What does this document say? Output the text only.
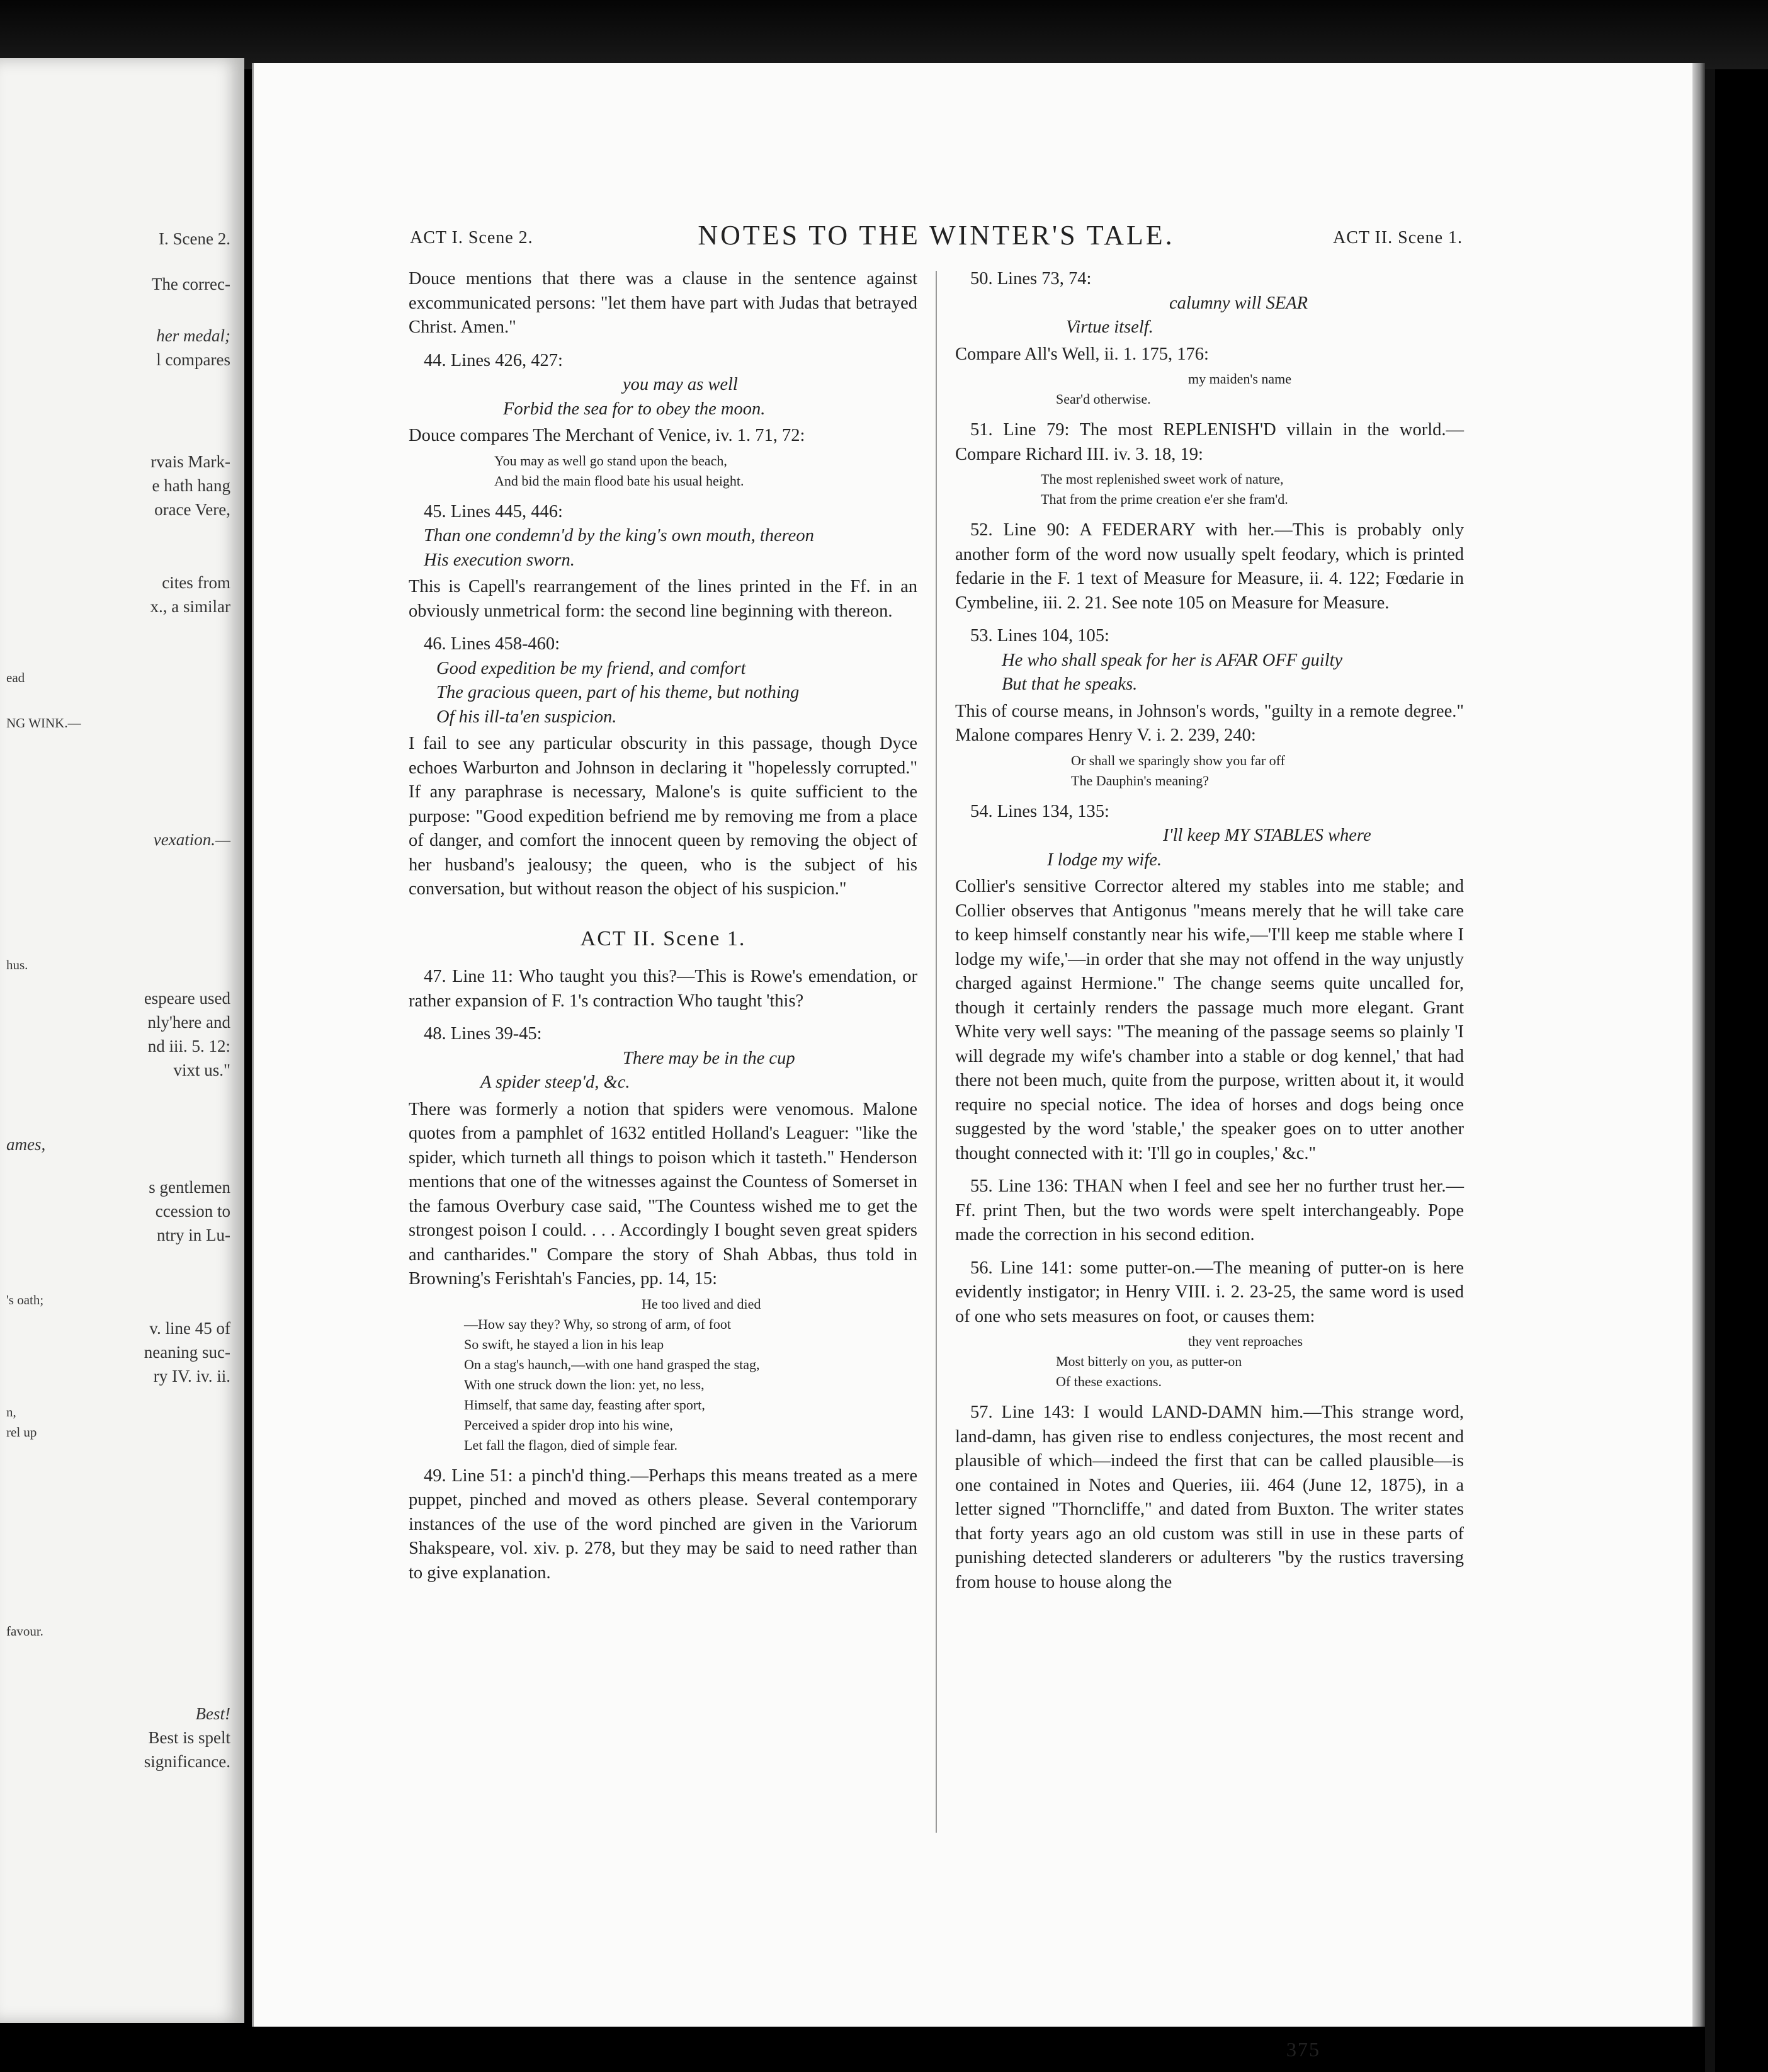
I. Scene 2.
The correc-
her medal;
l compares
rvais Mark-
e hath hang
orace Vere,
cites from
x., a similar
ead
NG WINK.—
vexation.—
hus.
espeare used
nly'here and
nd iii. 5. 12:
vixt us."
ames,
s gentlemen
ccession to
ntry in Lu-
's oath;
v. line 45 of
neaning suc-
ry IV. iv. ii.
n,
rel up
favour.
Best!
Best is spelt
significance.
ACT I. Scene 2.	NOTES TO THE WINTER'S TALE.	ACT II. Scene 1.

Douce mentions that there was a clause in the sentence against excommunicated persons: "let them have part with Judas that betrayed Christ. Amen."

44. Lines 426, 427:

you may as well

Forbid the sea for to obey the moon.

Douce compares The Merchant of Venice, iv. 1. 71, 72:

You may as well go stand upon the beach,

And bid the main flood bate his usual height.

45. Lines 445, 446:

Than one condemn'd by the king's own mouth, thereon

His execution sworn.

This is Capell's rearrangement of the lines printed in the Ff. in an obviously unmetrical form: the second line beginning with thereon.

46. Lines 458-460:

Good expedition be my friend, and comfort

The gracious queen, part of his theme, but nothing

Of his ill-ta'en suspicion.

I fail to see any particular obscurity in this passage, though Dyce echoes Warburton and Johnson in declaring it "hopelessly corrupted." If any paraphrase is necessary, Malone's is quite sufficient to the purpose: "Good expedition befriend me by removing me from a place of danger, and comfort the innocent queen by removing the object of her husband's jealousy; the queen, who is the subject of his conversation, but without reason the object of his suspicion."

ACT II. Scene 1.

47. Line 11: Who taught you this?—This is Rowe's emendation, or rather expansion of F. 1's contraction Who taught 'this?

48. Lines 39-45:

There may be in the cup

A spider steep'd, &c.

There was formerly a notion that spiders were venomous. Malone quotes from a pamphlet of 1632 entitled Holland's Leaguer: "like the spider, which turneth all things to poison which it tasteth." Henderson mentions that one of the witnesses against the Countess of Somerset in the famous Overbury case said, "The Countess wished me to get the strongest poison I could. . . . Accordingly I bought seven great spiders and cantharides." Compare the story of Shah Abbas, thus told in Browning's Ferishtah's Fancies, pp. 14, 15:

He too lived and died

—How say they? Why, so strong of arm, of foot

So swift, he stayed a lion in his leap

On a stag's haunch,—with one hand grasped the stag,

With one struck down the lion: yet, no less,

Himself, that same day, feasting after sport,

Perceived a spider drop into his wine,

Let fall the flagon, died of simple fear.

49. Line 51: a pinch'd thing.—Perhaps this means treated as a mere puppet, pinched and moved as others please. Several contemporary instances of the use of the word pinched are given in the Variorum Shakspeare, vol. xiv. p. 278, but they may be said to need rather than to give explanation.

50. Lines 73, 74:

calumny will SEAR

Virtue itself.

Compare All's Well, ii. 1. 175, 176:

my maiden's name

Sear'd otherwise.

51. Line 79: The most REPLENISH'D villain in the world.—Compare Richard III. iv. 3. 18, 19:

The most replenished sweet work of nature,

That from the prime creation e'er she fram'd.

52. Line 90: A FEDERARY with her.—This is probably only another form of the word now usually spelt feodary, which is printed fedarie in the F. 1 text of Measure for Measure, ii. 4. 122; Fœdarie in Cymbeline, iii. 2. 21. See note 105 on Measure for Measure.

53. Lines 104, 105:

He who shall speak for her is AFAR OFF guilty

But that he speaks.

This of course means, in Johnson's words, "guilty in a remote degree." Malone compares Henry V. i. 2. 239, 240:

Or shall we sparingly show you far off

The Dauphin's meaning?

54. Lines 134, 135:

I'll keep MY STABLES where

I lodge my wife.

Collier's sensitive Corrector altered my stables into me stable; and Collier observes that Antigonus "means merely that he will take care to keep himself constantly near his wife,—'I'll keep me stable where I lodge my wife,'—in order that she may not offend in the way unjustly charged against Hermione." The change seems quite uncalled for, though it certainly renders the passage much more elegant. Grant White very well says: "The meaning of the passage seems so plainly 'I will degrade my wife's chamber into a stable or dog kennel,' that had there not been much, quite from the purpose, written about it, it would require no special notice. The idea of horses and dogs being once suggested by the word 'stable,' the speaker goes on to utter another thought connected with it: 'I'll go in couples,' &c."

55. Line 136: THAN when I feel and see her no further trust her.—Ff. print Then, but the two words were spelt interchangeably. Pope made the correction in his second edition.

56. Line 141: some putter-on.—The meaning of putter-on is here evidently instigator; in Henry VIII. i. 2. 23-25, the same word is used of one who sets measures on foot, or causes them:

they vent reproaches

Most bitterly on you, as putter-on

Of these exactions.

57. Line 143: I would LAND-DAMN him.—This strange word, land-damn, has given rise to endless conjectures, the most recent and plausible of which—indeed the first that can be called plausible—is one contained in Notes and Queries, iii. 464 (June 12, 1875), in a letter signed "Thorncliffe," and dated from Buxton. The writer states that forty years ago an old custom was still in use in these parts of punishing detected slanderers or adulterers "by the rustics traversing from house to house along the

375
